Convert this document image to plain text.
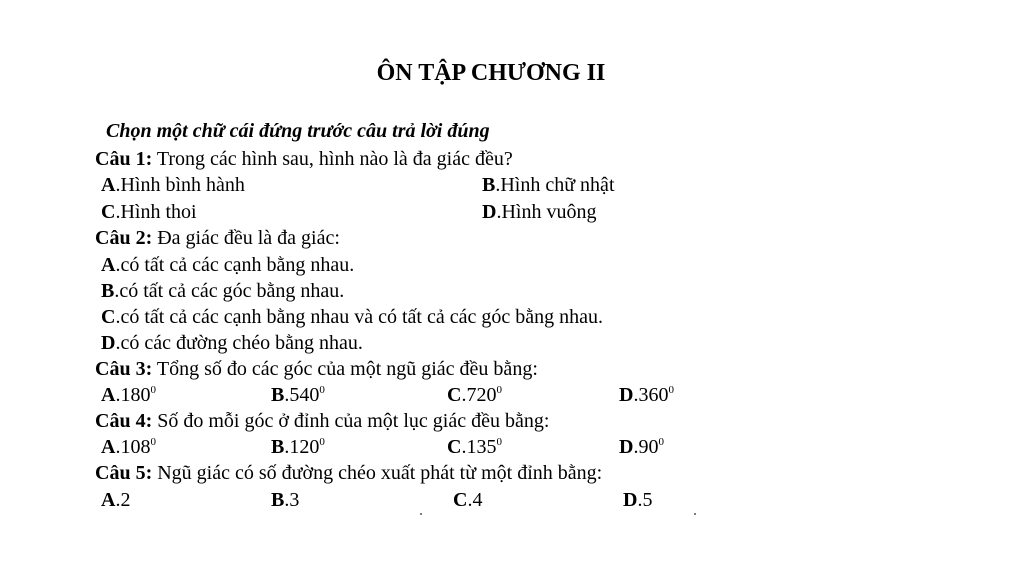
ÔN TẬP CHƯƠNG II
Chọn một chữ cái đứng trước câu trả lời đúng
Câu 1: Trong các hình sau, hình nào là đa giác đều?
A.Hình bình hành	B.Hình chữ nhật
C.Hình thoi	D.Hình vuông
Câu 2: Đa giác đều là đa giác:
A.có tất cả các cạnh bằng nhau.
B.có tất cả các góc bằng nhau.
C.có tất cả các cạnh bằng nhau và có tất cả các góc bằng nhau.
D.có các đường chéo bằng nhau.
Câu 3: Tổng số đo các góc của một ngũ giác đều bằng:
A.180$^0$	B.540$^0$	C.720$^0$	D.360$^0$
Câu 4: Số đo mỗi góc ở đỉnh của một lục giác đều bằng:
A.108$^0$	B.120$^0$	C.135$^0$	$D.90^0$
Câu 5: Ngũ giác có số đường chéo xuất phát từ một đỉnh bằng:
A.2	B.3	C.4	D.5
